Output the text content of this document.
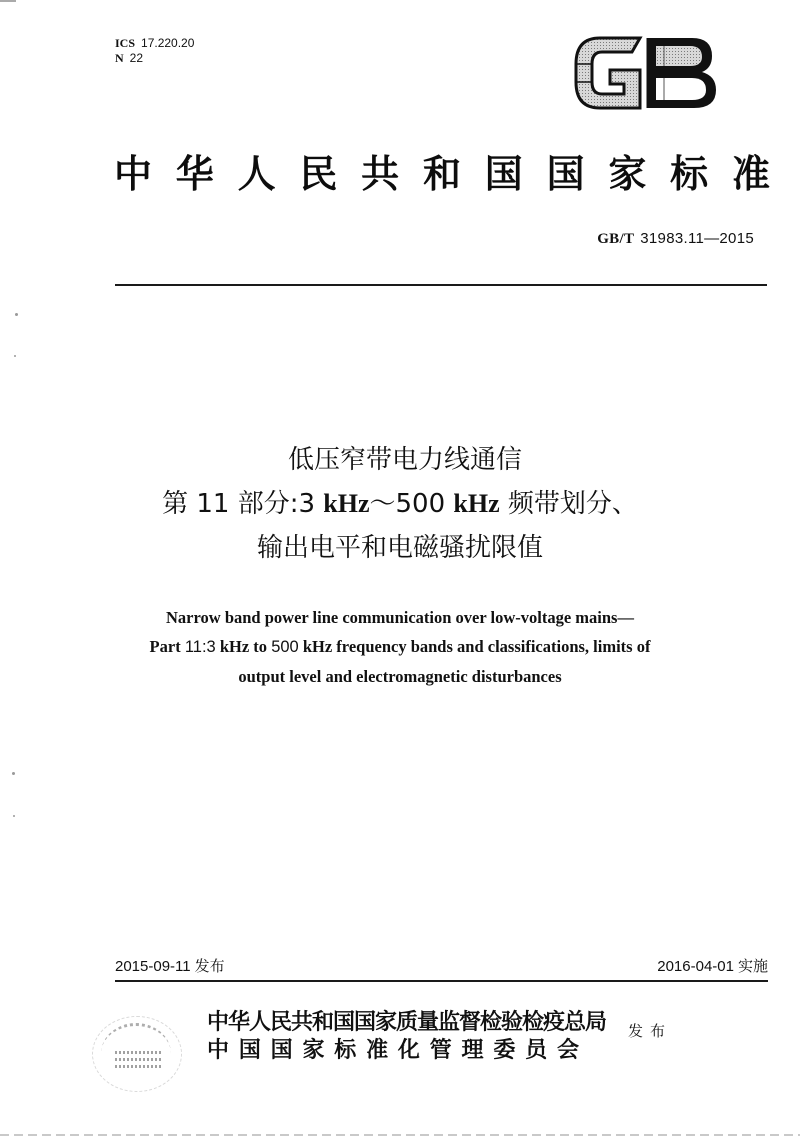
ICS 17.220.20
N 22
中 华 人 民 共 和 国 国 家 标 准
GB/T 31983.11—2015
低压窄带电力线通信
第 11 部分:3 kHz～500 kHz 频带划分、
输出电平和电磁骚扰限值
Narrow band power line communication over low-voltage mains—
Part 11:3 kHz to 500 kHz frequency bands and classifications, limits of
output level and electromagnetic disturbances
2015-09-11 发布	2016-04-01 实施
中华人民共和国国家质量监督检验检疫总局
中 国 国 家 标 准 化 管 理 委 员 会
发布
